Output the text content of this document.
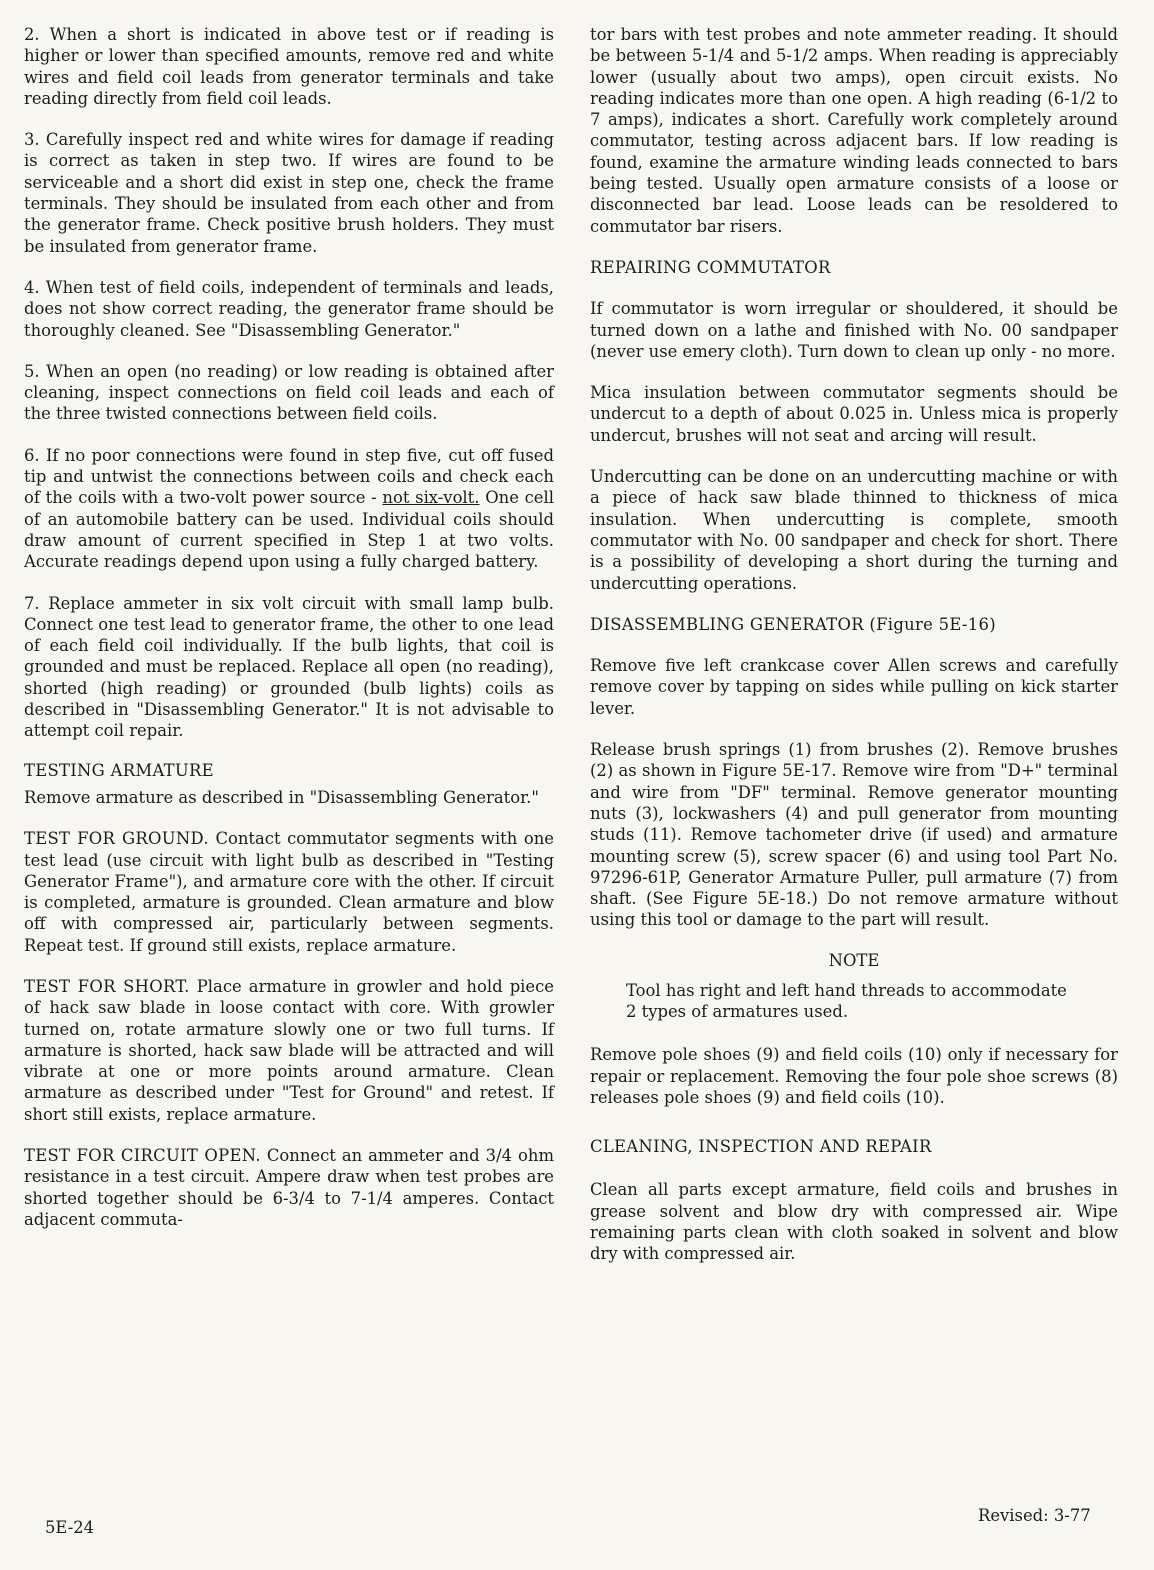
2. When a short is indicated in above test or if reading is higher or lower than specified amounts, remove red and white wires and field coil leads from generator terminals and take reading directly from field coil leads.

3. Carefully inspect red and white wires for damage if reading is correct as taken in step two. If wires are found to be serviceable and a short did exist in step one, check the frame terminals. They should be insulated from each other and from the generator frame. Check positive brush holders. They must be insulated from generator frame.

4. When test of field coils, independent of terminals and leads, does not show correct reading, the generator frame should be thoroughly cleaned. See "Disassembling Generator."

5. When an open (no reading) or low reading is obtained after cleaning, inspect connections on field coil leads and each of the three twisted connections between field coils.

6. If no poor connections were found in step five, cut off fused tip and untwist the connections between coils and check each of the coils with a two-volt power source - not six-volt. One cell of an automobile battery can be used. Individual coils should draw amount of current specified in Step 1 at two volts. Accurate readings depend upon using a fully charged battery.

7. Replace ammeter in six volt circuit with small lamp bulb. Connect one test lead to generator frame, the other to one lead of each field coil individually. If the bulb lights, that coil is grounded and must be replaced. Replace all open (no reading), shorted (high reading) or grounded (bulb lights) coils as described in "Disassembling Generator." It is not advisable to attempt coil repair.

TESTING ARMATURE

Remove armature as described in "Disassembling Generator."

TEST FOR GROUND. Contact commutator segments with one test lead (use circuit with light bulb as described in "Testing Generator Frame"), and armature core with the other. If circuit is completed, armature is grounded. Clean armature and blow off with compressed air, particularly between segments. Repeat test. If ground still exists, replace armature.

TEST FOR SHORT. Place armature in growler and hold piece of hack saw blade in loose contact with core. With growler turned on, rotate armature slowly one or two full turns. If armature is shorted, hack saw blade will be attracted and will vibrate at one or more points around armature. Clean armature as described under "Test for Ground" and retest. If short still exists, replace armature.

TEST FOR CIRCUIT OPEN. Connect an ammeter and 3/4 ohm resistance in a test circuit. Ampere draw when test probes are shorted together should be 6-3/4 to 7-1/4 amperes. Contact adjacent commuta-

tor bars with test probes and note ammeter reading. It should be between 5-1/4 and 5-1/2 amps. When reading is appreciably lower (usually about two amps), open circuit exists. No reading indicates more than one open. A high reading (6-1/2 to 7 amps), indicates a short. Carefully work completely around commutator, testing across adjacent bars. If low reading is found, examine the armature winding leads connected to bars being tested. Usually open armature consists of a loose or disconnected bar lead. Loose leads can be resoldered to commutator bar risers.

REPAIRING COMMUTATOR

If commutator is worn irregular or shouldered, it should be turned down on a lathe and finished with No. 00 sandpaper (never use emery cloth). Turn down to clean up only - no more.

Mica insulation between commutator segments should be undercut to a depth of about 0.025 in. Unless mica is properly undercut, brushes will not seat and arcing will result.

Undercutting can be done on an undercutting machine or with a piece of hack saw blade thinned to thickness of mica insulation. When undercutting is complete, smooth commutator with No. 00 sandpaper and check for short. There is a possibility of developing a short during the turning and undercutting operations.

DISASSEMBLING GENERATOR (Figure 5E-16)

Remove five left crankcase cover Allen screws and carefully remove cover by tapping on sides while pulling on kick starter lever.

Release brush springs (1) from brushes (2). Remove brushes (2) as shown in Figure 5E-17. Remove wire from "D+" terminal and wire from "DF" terminal. Remove generator mounting nuts (3), lockwashers (4) and pull generator from mounting studs (11). Remove tachometer drive (if used) and armature mounting screw (5), screw spacer (6) and using tool Part No. 97296-61P, Generator Armature Puller, pull armature (7) from shaft. (See Figure 5E-18.) Do not remove armature without using this tool or damage to the part will result.

NOTE
Tool has right and left hand threads to accommodate 2 types of armatures used.

Remove pole shoes (9) and field coils (10) only if necessary for repair or replacement. Removing the four pole shoe screws (8) releases pole shoes (9) and field coils (10).

CLEANING, INSPECTION AND REPAIR

Clean all parts except armature, field coils and brushes in grease solvent and blow dry with compressed air. Wipe remaining parts clean with cloth soaked in solvent and blow dry with compressed air.

5E-24
Revised: 3-77
